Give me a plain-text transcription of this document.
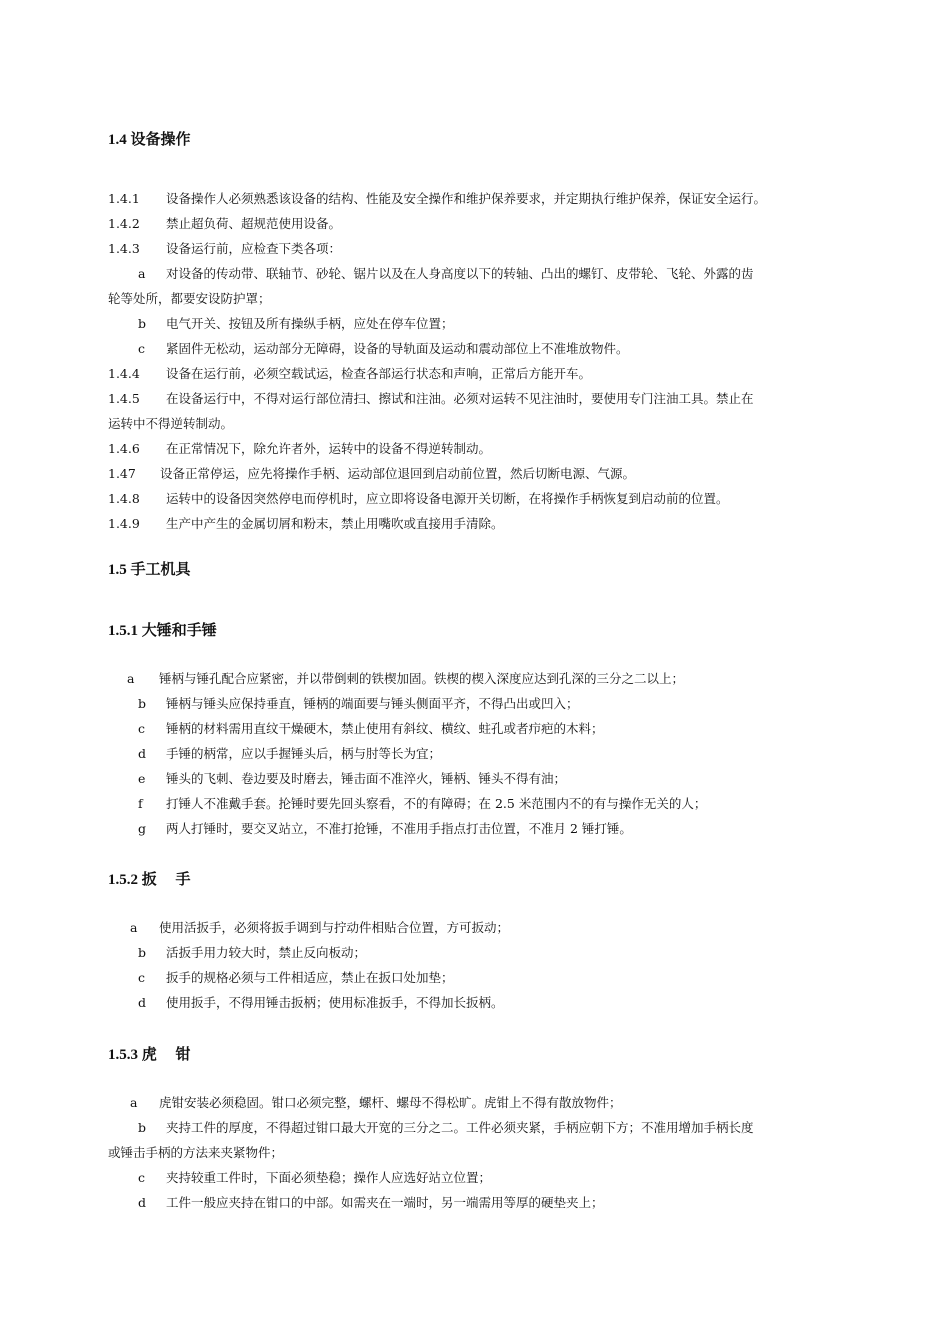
1.4 设备操作
1.4.1 设备操作人必须熟悉该设备的结构、性能及安全操作和维护保养要求，并定期执行维护保养，保证安全运行。
1.4.2 禁止超负荷、超规范使用设备。
1.4.3 设备运行前，应检查下类各项：
a 对设备的传动带、联轴节、砂轮、锯片以及在人身高度以下的转轴、凸出的螺钉、皮带轮、飞轮、外露的齿
轮等处所，都要安设防护罩；
b 电气开关、按钮及所有操纵手柄，应处在停车位置；
c 紧固件无松动，运动部分无障碍，设备的导轨面及运动和震动部位上不准堆放物件。
1.4.4 设备在运行前，必须空载试运，检查各部运行状态和声响，正常后方能开车。
1.4.5 在设备运行中，不得对运行部位清扫、擦试和注油。必须对运转不见注油时，要使用专门注油工具。禁止在
运转中不得逆转制动。
1.4.6 在正常情况下，除允许者外，运转中的设备不得逆转制动。
1.47 设备正常停运，应先将操作手柄、运动部位退回到启动前位置，然后切断电源、气源。
1.4.8 运转中的设备因突然停电而停机时，应立即将设备电源开关切断，在将操作手柄恢复到启动前的位置。
1.4.9 生产中产生的金属切屑和粉末，禁止用嘴吹或直接用手清除。
1.5 手工机具
1.5.1 大锤和手锤
a 锤柄与锤孔配合应紧密，并以带倒刺的铁楔加固。铁楔的楔入深度应达到孔深的三分之二以上；
b 锤柄与锤头应保持垂直，锤柄的端面要与锤头侧面平齐，不得凸出或凹入；
c 锤柄的材料需用直纹干燥硬木，禁止使用有斜纹、横纹、蛀孔或者疖疤的木料；
d 手锤的柄常，应以手握锤头后，柄与肘等长为宜；
e 锤头的飞刺、卷边要及时磨去，锤击面不准淬火，锤柄、锤头不得有油；
f 打锤人不准戴手套。抡锤时要先回头察看，不的有障碍；在 2.5 米范围内不的有与操作无关的人；
g 两人打锤时，要交叉站立，不准打抢锤，不准用手指点打击位置，不准月 2 锤打锤。
1.5.2 扳　 手
a 使用活扳手，必须将扳手调到与拧动件相贴合位置，方可扳动；
b 活扳手用力较大时，禁止反向板动；
c 扳手的规格必须与工件相适应，禁止在扳口处加垫；
d 使用扳手，不得用锤击扳柄；使用标准扳手，不得加长扳柄。
1.5.3 虎　 钳
a 虎钳安装必须稳固。钳口必须完整，螺杆、螺母不得松旷。虎钳上不得有散放物件；
b 夹持工件的厚度，不得超过钳口最大开宽的三分之二。工件必须夹紧，手柄应朝下方；不准用增加手柄长度
或锤击手柄的方法来夹紧物件；
c 夹持较重工件时，下面必须垫稳；操作人应选好站立位置；
d 工件一般应夹持在钳口的中部。如需夹在一端时，另一端需用等厚的硬垫夹上；
